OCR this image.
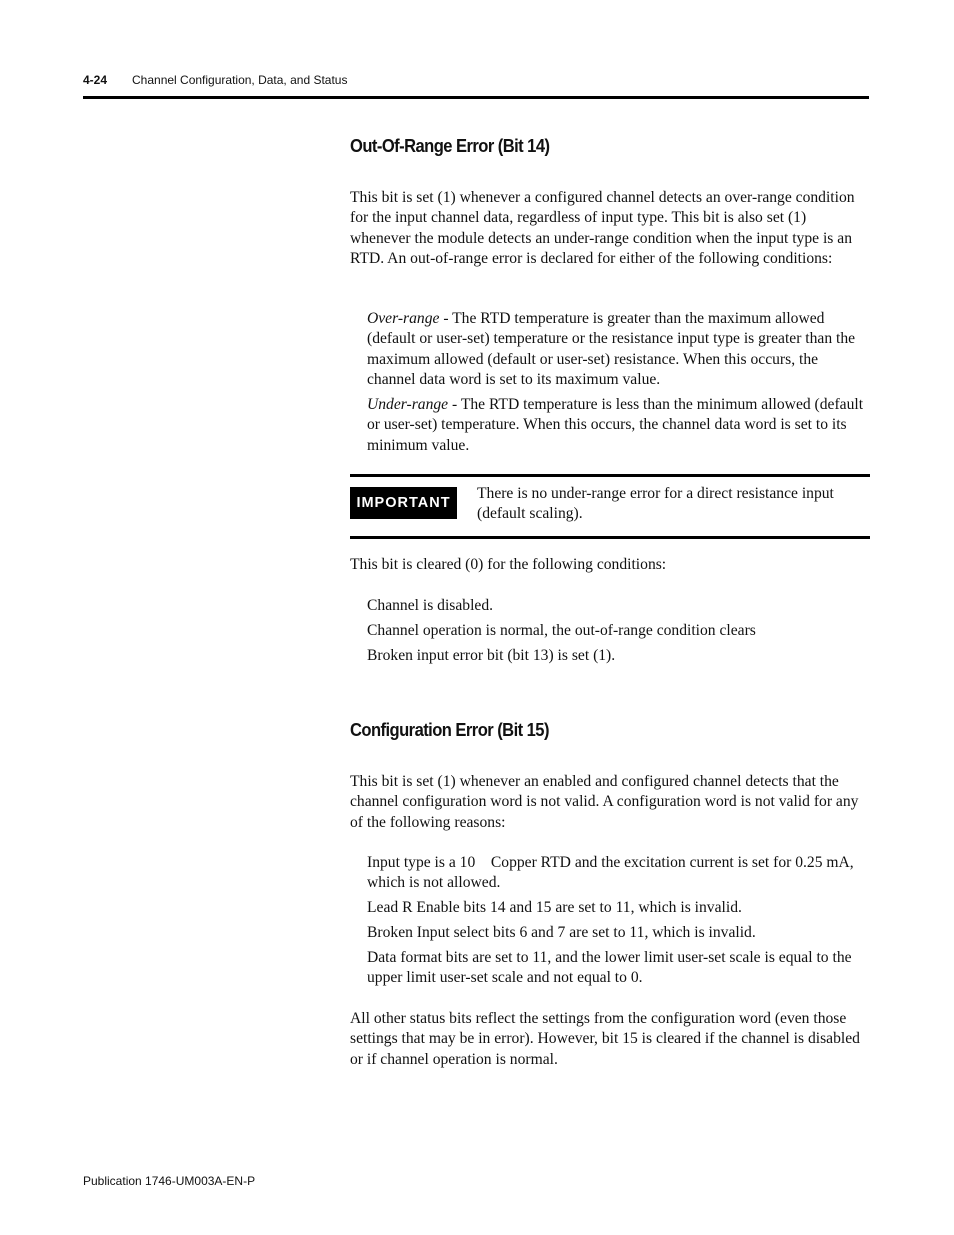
4-24 Channel Configuration, Data, and Status
Out-Of-Range Error (Bit 14)
This bit is set (1) whenever a configured channel detects an over-range condition for the input channel data, regardless of input type. This bit is also set (1) whenever the module detects an under-range condition when the input type is an RTD. An out-of-range error is declared for either of the following conditions:
Over-range - The RTD temperature is greater than the maximum allowed (default or user-set) temperature or the resistance input type is greater than the maximum allowed (default or user-set) resistance. When this occurs, the channel data word is set to its maximum value.
Under-range - The RTD temperature is less than the minimum allowed (default or user-set) temperature. When this occurs, the channel data word is set to its minimum value.
IMPORTANT
There is no under-range error for a direct resistance input (default scaling).
This bit is cleared (0) for the following conditions:
Channel is disabled.
Channel operation is normal, the out-of-range condition clears
Broken input error bit (bit 13) is set (1).
Configuration Error (Bit 15)
This bit is set (1) whenever an enabled and configured channel detects that the channel configuration word is not valid. A configuration word is not valid for any of the following reasons:
Input type is a 10 Copper RTD and the excitation current is set for 0.25 mA, which is not allowed.
Lead R Enable bits 14 and 15 are set to 11, which is invalid.
Broken Input select bits 6 and 7 are set to 11, which is invalid.
Data format bits are set to 11, and the lower limit user-set scale is equal to the upper limit user-set scale and not equal to 0.
All other status bits reflect the settings from the configuration word (even those settings that may be in error). However, bit 15 is cleared if the channel is disabled or if channel operation is normal.
Publication 1746-UM003A-EN-P
